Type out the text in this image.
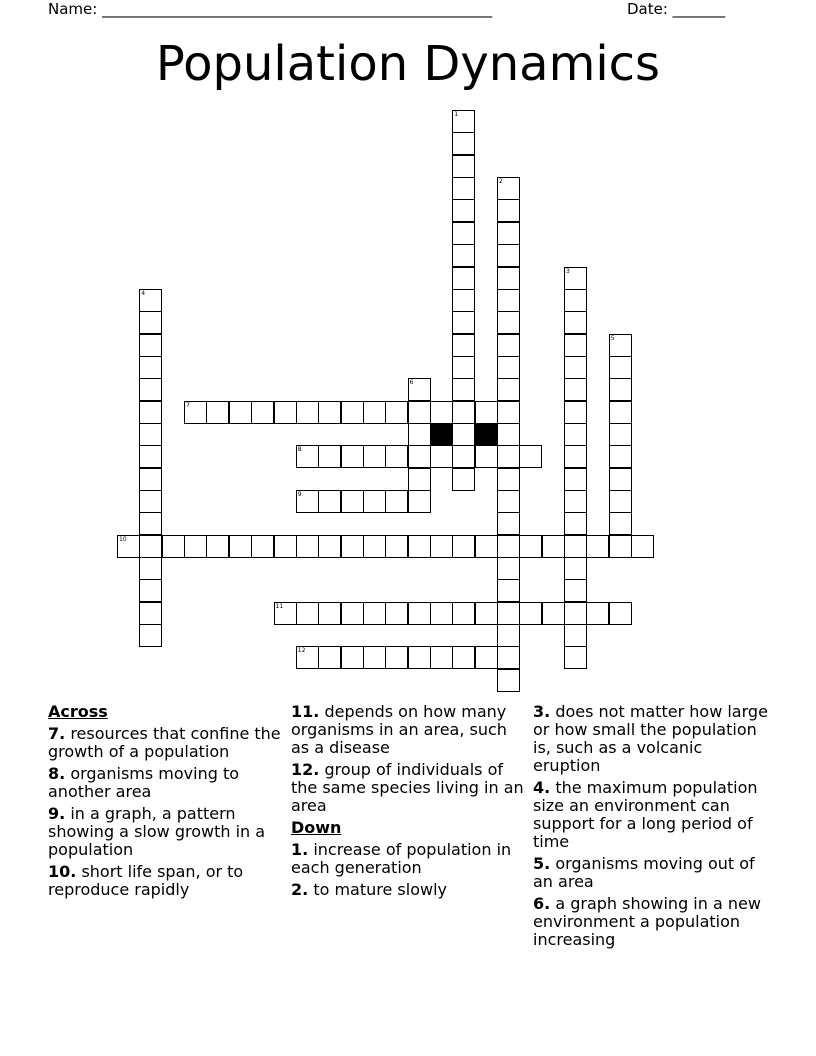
Name: ____________________________________________________	Date: _______
Population Dynamics
1
2
3
4
5
6
7
8
9
10
11
12
Across
7. resources that confine the growth of a population
8. organisms moving to another area
9. in a graph, a pattern showing a slow growth in a population
10. short life span, or to reproduce rapidly
11. depends on how many organisms in an area, such as a disease
12. group of individuals of the same species living in an area
Down
1. increase of population in each generation
2. to mature slowly
3. does not matter how large or how small the population is, such as a volcanic eruption
4. the maximum population size an environment can support for a long period of time
5. organisms moving out of an area
6. a graph showing in a new environment a population increasing
